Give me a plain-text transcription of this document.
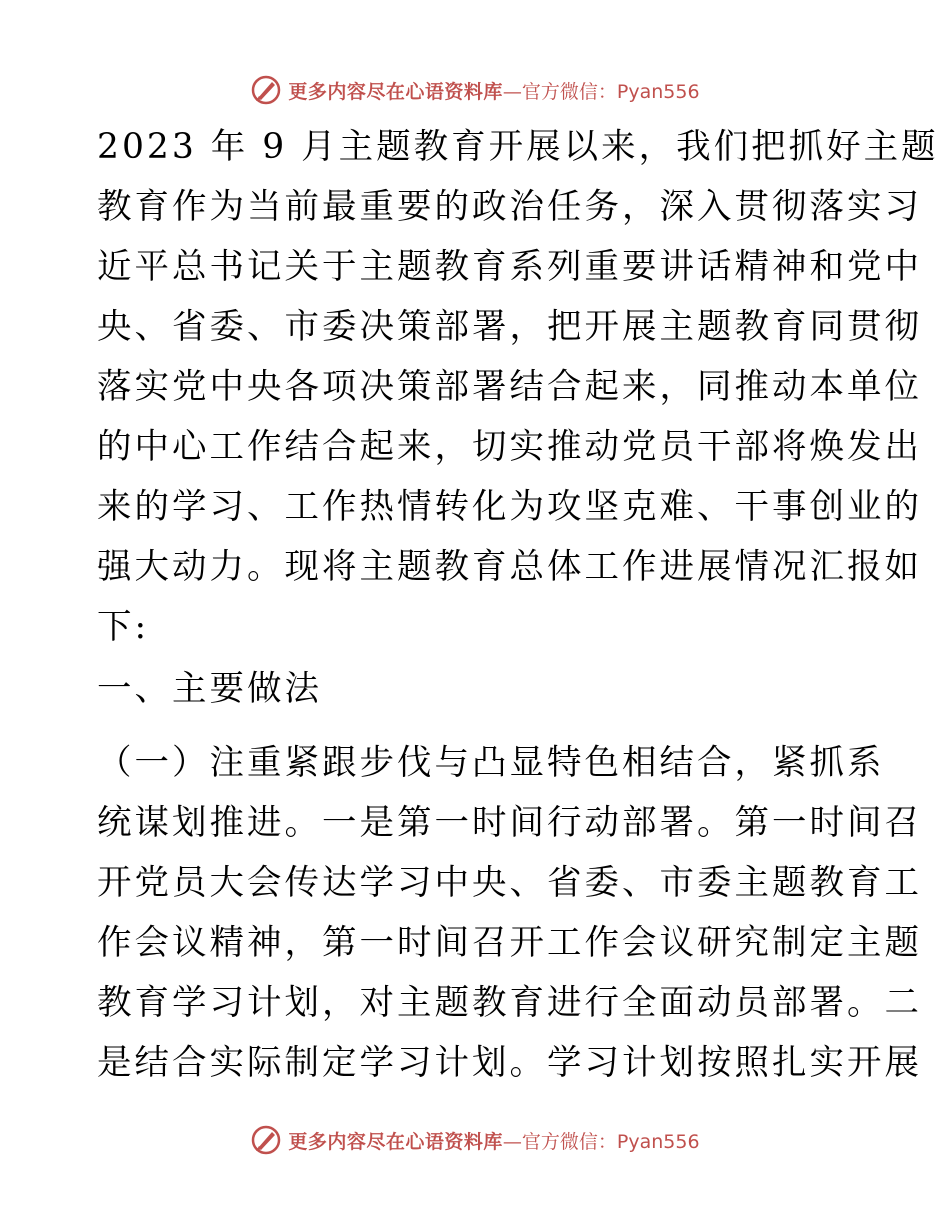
更多内容尽在心语资料库—官方微信：Pyan556
2023 年 9 月主题教育开展以来，我们把抓好主题
教育作为当前最重要的政治任务，深入贯彻落实习
近平总书记关于主题教育系列重要讲话精神和党中
央、省委、市委决策部署，把开展主题教育同贯彻
落实党中央各项决策部署结合起来，同推动本单位
的中心工作结合起来，切实推动党员干部将焕发出
来的学习、工作热情转化为攻坚克难、干事创业的
强大动力。现将主题教育总体工作进展情况汇报如
下:
一、主要做法
（一）注重紧跟步伐与凸显特色相结合，紧抓系
统谋划推进。一是第一时间行动部署。第一时间召
开党员大会传达学习中央、省委、市委主题教育工
作会议精神，第一时间召开工作会议研究制定主题
教育学习计划，对主题教育进行全面动员部署。二
是结合实际制定学习计划。学习计划按照扎实开展
更多内容尽在心语资料库—官方微信：Pyan556
